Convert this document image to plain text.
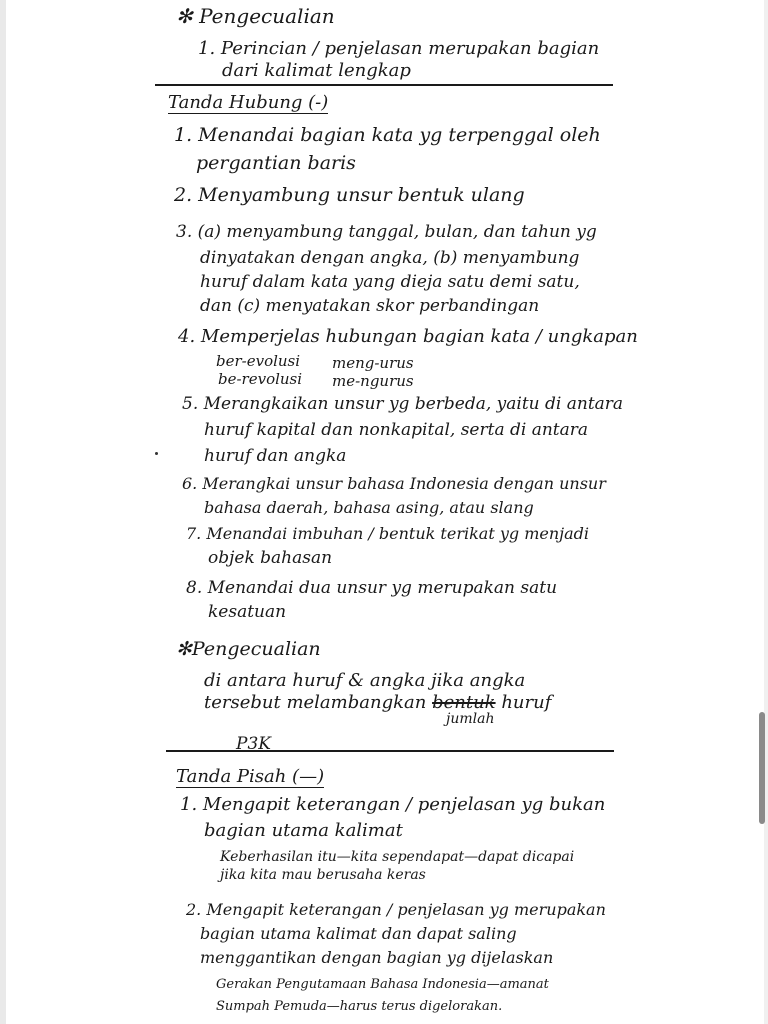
✻ Pengecualian
1. Perincian / penjelasan merupakan bagian
dari kalimat lengkap
Tanda Hubung (-)
1. Menandai bagian kata yg terpenggal oleh
pergantian baris
2. Menyambung unsur bentuk ulang
3. (a) menyambung tanggal, bulan, dan tahun yg
dinyatakan dengan angka, (b) menyambung
huruf dalam kata yang dieja satu demi satu,
dan (c) menyatakan skor perbandingan
4. Memperjelas hubungan bagian kata / ungkapan
ber-evolusi meng-urus
be-revolusi me-ngurus
5. Merangkaikan unsur yg berbeda, yaitu di antara
huruf kapital dan nonkapital, serta di antara
huruf dan angka
6. Merangkai unsur bahasa Indonesia dengan unsur
bahasa daerah, bahasa asing, atau slang
7. Menandai imbuhan / bentuk terikat yg menjadi
objek bahasan
8. Menandai dua unsur yg merupakan satu
kesatuan
✻Pengecualian
di antara huruf & angka jika angka
tersebut melambangkan bentuk huruf
jumlah
P3K
Tanda Pisah (—)
1. Mengapit keterangan / penjelasan yg bukan
bagian utama kalimat
Keberhasilan itu—kita sependapat—dapat dicapai
jika kita mau berusaha keras
2. Mengapit keterangan / penjelasan yg merupakan
bagian utama kalimat dan dapat saling
menggantikan dengan bagian yg dijelaskan
Gerakan Pengutamaan Bahasa Indonesia—amanat
Sumpah Pemuda—harus terus digelorakan.
